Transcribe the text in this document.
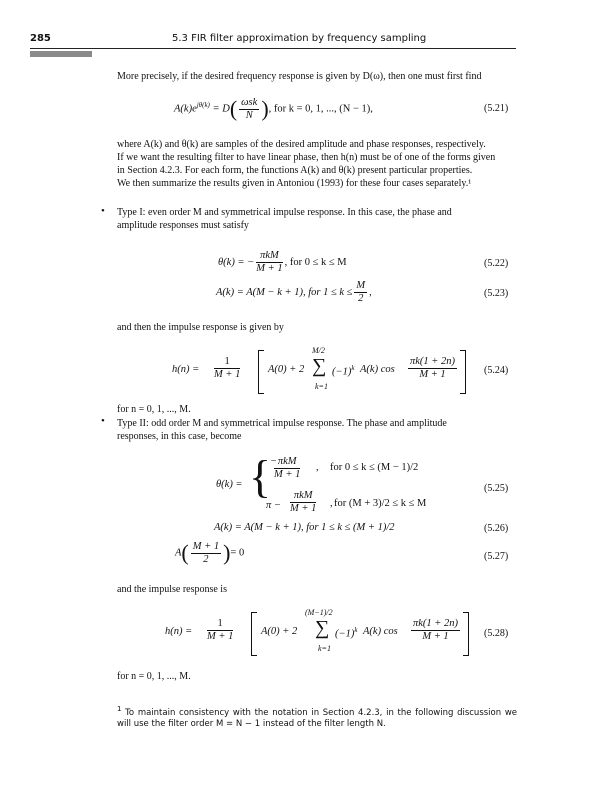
285	5.3 FIR filter approximation by frequency sampling
More precisely, if the desired frequency response is given by D(ω), then one must first find
$A(k)e^{j\theta(k)} = D( \frac{\text{ωsk}}{N}$ ), for k = 0, 1, ..., (N − 1),	(5.21)
where A(k) and θ(k) are samples of the desired amplitude and phase responses, respectively.
If we want the resulting filter to have linear phase, then h(n) must be of one of the forms given
in Section 4.2.3. For each form, the functions A(k) and θ(k) present particular properties.
We then summarize the results given in Antoniou (1993) for these four cases separately.¹
• Type I: even order M and symmetrical impulse response. In this case, the phase and
amplitude responses must satisfy
θ(k) = − $\frac{\text{πkM}}{M + 1}$ , for 0 ≤ k ≤ M	(5.22)
A(k) = A(M − k + 1), for $1 \le k \le \frac{M}{2}$ ,	(5.23)
and then the impulse response is given by
$h(n) = \frac{1}{M + 1}$	A(0) + 2
M/2
∑
k=1
$(-1)^k$ A(k) $\cos \frac{\pi k(1 + 2n)}{M + 1}$	(5.24)
for n = 0, 1, ..., M.
• Type II: odd order M and symmetrical impulse response. The phase and amplitude
responses, in this case, become
θ(k) = {
−  πkM
M + 1
, for 0 ≤ k ≤ (M − 1)/2
π −
πkM
M + 1 , for (M + 3)/2 ≤ k ≤ M
(5.25)
A(k) = A(M − k + 1), for 1 ≤ k ≤ (M + 1)/2	(5.26)
$A( \frac{M + 1}{2}$ )= 0	(5.27)
and the impulse response is
$h(n) = \frac{1}{M + 1}$	A(0) + 2
(M−1)/2
∑
k=1
$(-1)^k$ A(k) $\cos \frac{\pi k(1 + 2n)}{M + 1} (5.28)$
for n = 0, 1, ..., M.
$^1$ To maintain consistency with the notation in Section 4.2.3, in the following discussion we will use the filter order M = N − 1 instead of the filter length N.
